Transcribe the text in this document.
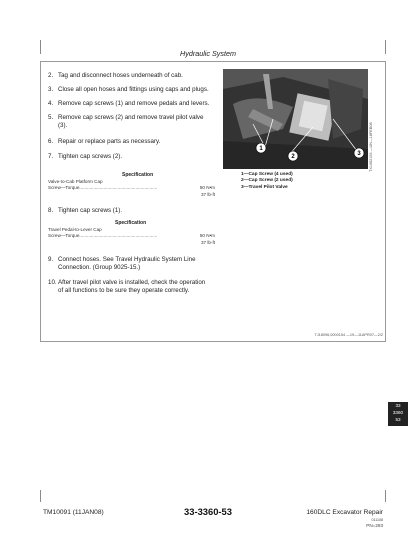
Hydraulic System
2. Tag and disconnect hoses underneath of cab.
3. Close all open hoses and fittings using caps and plugs.
4. Remove cap screws (1) and remove pedals and levers.
5. Remove cap screws (2) and remove travel pilot valve
(3).
6. Repair or replace parts as necessary.
7. Tighten cap screws (2).
Specification
Valve-to-Cab Platform Cap
Screw—Torque.............................................................	50 N•m
37 lb-ft
1—Cap Screw (4 used)
2—Cap Screw (2 used)
3—Travel Pilot Valve
8. Tighten cap screws (1).
Specification
Travel Pedal-to-Lever Cap
Screw—Torque.............................................................	50 N•m
37 lb-ft
9. Connect hoses. See Travel Hydraulic System Line
Connection. (Group 9025-15.)
10.After travel pilot valve is installed, check the operation
of all functions to be sure they operate correctly.
1
2	3 TX1062154 —UN—18FEB08
TJ18096,0000154 —19—11APR07—2/2
33
3360
53
TM10091 (11JAN08)	33-3360-53	160DLC Excavator Repair
011108
PN=293
